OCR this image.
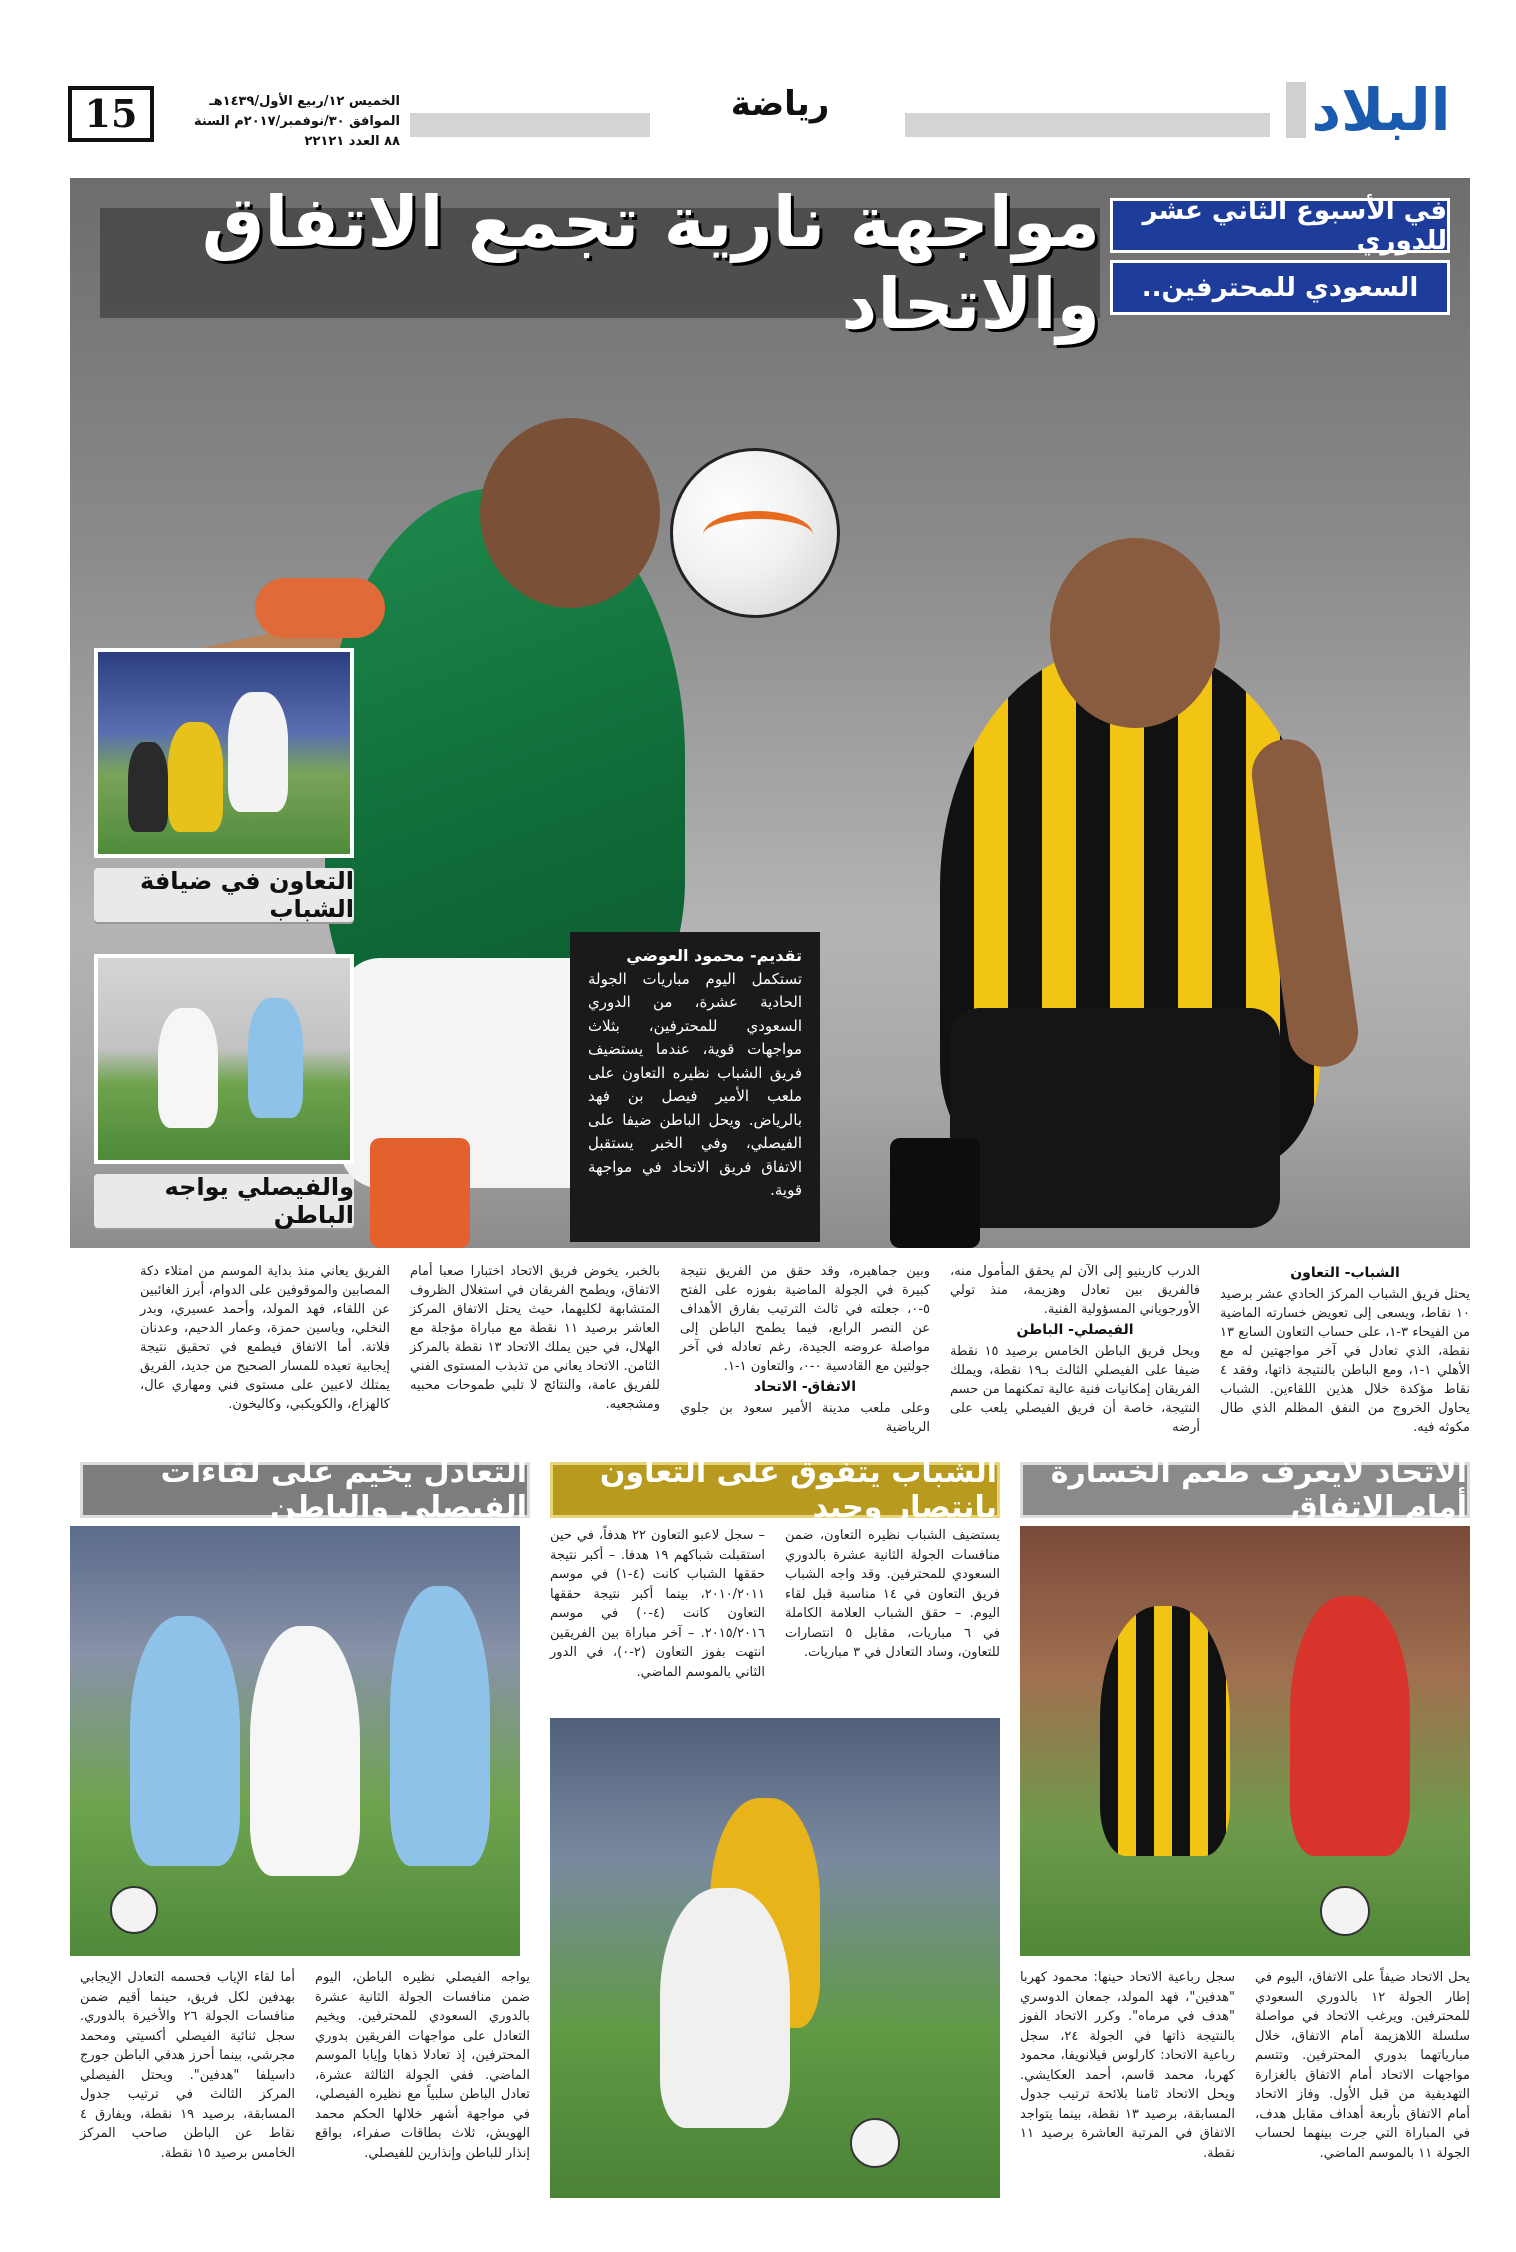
البلاد
رياضة
الخميس ١٢/ربيع الأول/١٤٣٩هـ
الموافق ٣٠/نوفمبر/٢٠١٧م السنة ٨٨ العدد ٢٢١٢١
15
مواجهة نارية تجمع الاتفاق والاتحاد
في الأسبوع الثاني عشر للدوري
السعودي للمحترفين..
التعاون في ضيافة الشباب
والفيصلي يواجه الباطن
تقديم- محمود العوضي
تستكمل اليوم مباريات الجولة الحادية عشرة، من الدوري السعودي للمحترفين، بثلاث مواجهات قوية، عندما يستضيف فريق الشباب نظيره التعاون على ملعب الأمير فيصل بن فهد بالرياض. ويحل الباطن ضيفا على الفيصلي، وفي الخبر يستقبل الاتفاق فريق الاتحاد في مواجهة قوية.
الشباب- التعاون
يحتل فريق الشباب المركز الحادي عشر برصيد ١٠ نقاط، ويسعى إلى تعويض خسارته الماضية من الفيحاء ٣-١، على حساب التعاون السابع ١٣ نقطة، الذي تعادل في آخر مواجهتين له مع الأهلي ١-١، ومع الباطن بالنتيجة ذاتها، وفقد ٤ نقاط مؤكدة خلال هذين اللقاءين. الشباب يحاول الخروج من النفق المظلم الذي طال مكوثه فيه.
الدرب كارينيو إلى الآن لم يحقق المأمول منه، فالفريق بين تعادل وهزيمة، منذ تولي الأورجوياني المسؤولية الفنية.
الفيصلي- الباطن
ويحل فريق الباطن الخامس برصيد ١٥ نقطة ضيفا على الفيصلي الثالث بـ١٩ نقطة، ويملك الفريقان إمكانيات فنية عالية تمكنهما من حسم النتيجة، خاصة أن فريق الفيصلي يلعب على أرضه
وبين جماهيره، وقد حقق من الفريق نتيجة كبيرة في الجولة الماضية بفوزه على الفتح ٥-٠، جعلته في ثالث الترتيب بفارق الأهداف عن النصر الرابع، فيما يطمح الباطن إلى مواصلة عروضه الجيدة، رغم تعادله في آخر جولتين مع القادسية ٠-٠، والتعاون ١-١.
الاتفاق- الاتحاد
وعلى ملعب مدينة الأمير سعود بن جلوي الرياضية
بالخبر، يخوض فريق الاتحاد اختبارا صعبا أمام الاتفاق، ويطمح الفريقان في استغلال الظروف المتشابهة لكليهما، حيث يحتل الاتفاق المركز العاشر برصيد ١١ نقطة مع مباراة مؤجلة مع الهلال، في حين يملك الاتحاد ١٣ نقطة بالمركز الثامن. الاتحاد يعاني من تذبذب المستوى الفني للفريق عامة، والنتائج لا تلبي طموحات محبيه ومشجعيه.
الفريق يعاني منذ بداية الموسم من امتلاء دكة المصابين والموقوفين على الدوام، أبرز الغائبين عن اللقاء، فهد المولد، وأحمد عسيري، وبدر النخلي، وياسين حمزة، وعمار الدحيم، وعدنان فلاتة. أما الاتفاق فيطمع في تحقيق نتيجة إيجابية تعيده للمسار الصحيح من جديد، الفريق يمتلك لاعبين على مستوى فني ومهاري عال، كالهزاع، والكويكبي، وكاليخون.
الاتحاد لايعرف طعم الخسارة أمام الاتفاق
الشباب يتفوق على التعاون بانتصار وحيد
التعادل يخيم على لقاءات الفيصلي والباطن
يحل الاتحاد ضيفاً على الاتفاق، اليوم في إطار الجولة ١٢ بالدوري السعودي للمحترفين. ويرغب الاتحاد في مواصلة سلسلة اللاهزيمة أمام الاتفاق، خلال مبارياتهما بدوري المحترفين. وتتسم مواجهات الاتحاد أمام الاتفاق بالغزارة التهديفية من قبل الأول. وفاز الاتحاد أمام الاتفاق بأربعة أهداف مقابل هدف، في المباراة التي جرت بينهما لحساب الجولة ١١ بالموسم الماضي.
سجل رباعية الاتحاد حينها: محمود كهربا "هدفين"، فهد المولد، جمعان الدوسري "هدف في مرماه". وكرر الاتحاد الفوز بالنتيجة ذاتها في الجولة ٢٤، سجل رباعية الاتحاد: كارلوس فيلانويفا، محمود كهربا، محمد قاسم، أحمد العكايشي. ويحل الاتحاد ثامنا بلائحة ترتيب جدول المسابقة، برصيد ١٣ نقطة، بينما يتواجد الاتفاق في المرتبة العاشرة برصيد ١١ نقطة.
يستضيف الشباب نظيره التعاون، ضمن منافسات الجولة الثانية عشرة بالدوري السعودي للمحترفين. وقد واجه الشباب فريق التعاون في ١٤ مناسبة قبل لقاء اليوم. – حقق الشباب العلامة الكاملة في ٦ مباريات، مقابل ٥ انتصارات للتعاون، وساد التعادل في ٣ مباريات.
– سجل لاعبو التعاون ٢٢ هدفاً، في حين استقبلت شباكهم ١٩ هدفا. – أكبر نتيجة حققها الشباب كانت (٤-١) في موسم ٢٠١٠/٢٠١١، بينما أكبر نتيجة حققها التعاون كانت (٤-٠) في موسم ٢٠١٥/٢٠١٦. – آخر مباراة بين الفريقين انتهت بفوز التعاون (٢-٠)، في الدور الثاني بالموسم الماضي.
يواجه الفيصلي نظيره الباطن، اليوم ضمن منافسات الجولة الثانية عشرة بالدوري السعودي للمحترفين. ويخيم التعادل على مواجهات الفريقين بدوري المحترفين، إذ تعادلا ذهابا وإيابا الموسم الماضي. ففي الجولة الثالثة عشرة، تعادل الباطن سلبياً مع نظيره الفيصلي، في مواجهة أشهر خلالها الحكم محمد الهويش، ثلاث بطاقات صفراء، بواقع إنذار للباطن وإنذارين للفيصلي.
أما لقاء الإياب فحسمه التعادل الإيجابي بهدفين لكل فريق، حينما أقيم ضمن منافسات الجولة ٢٦ والأخيرة بالدوري. سجل ثنائية الفيصلي أكسيتي ومحمد مجرشي، بينما أحرز هدفي الباطن جورج داسيلفا "هدفين". ويحتل الفيصلي المركز الثالث في ترتيب جدول المسابقة، برصيد ١٩ نقطة، ويفارق ٤ نقاط عن الباطن صاحب المركز الخامس برصيد ١٥ نقطة.
